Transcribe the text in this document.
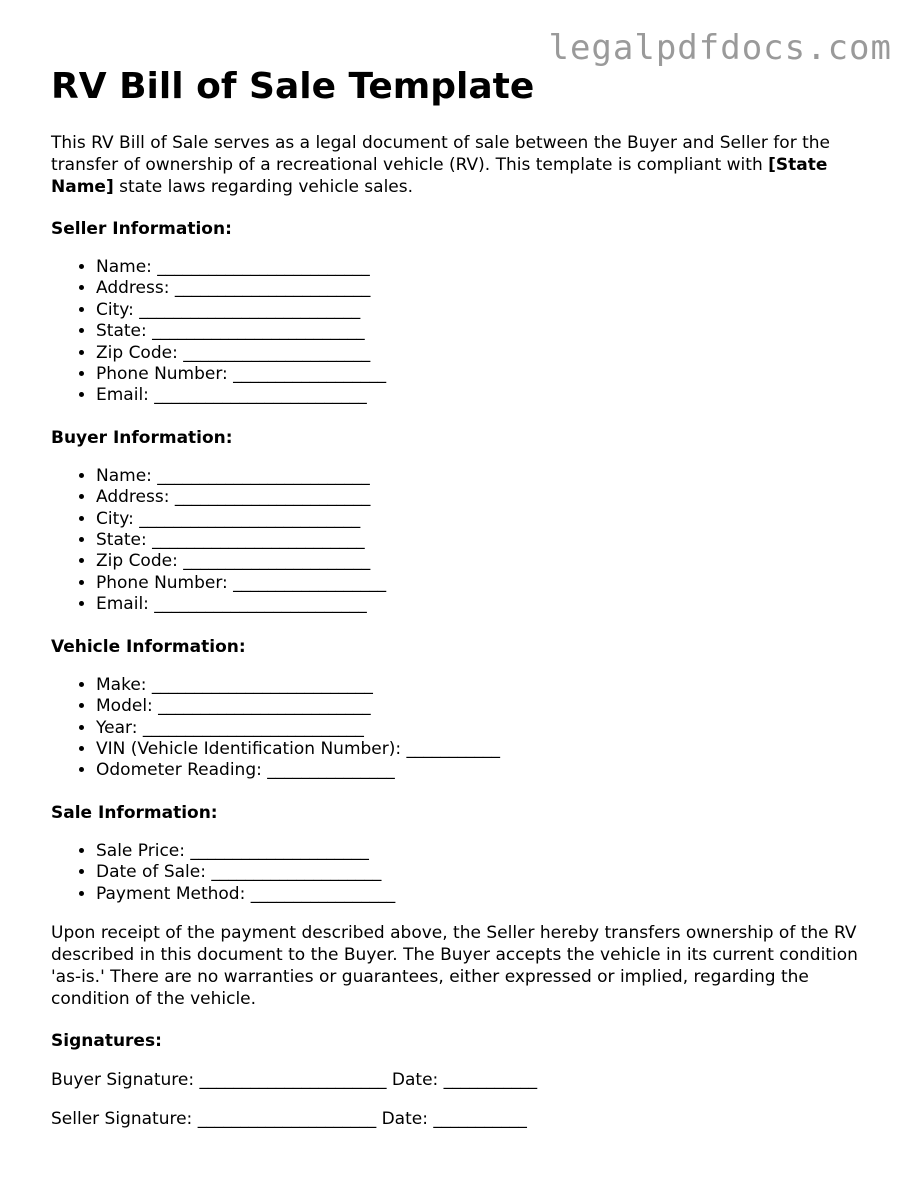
legalpdfdocs.com
RV Bill of Sale Template

This RV Bill of Sale serves as a legal document of sale between the Buyer and Seller for the transfer of ownership of a recreational vehicle (RV). This template is compliant with [State Name] state laws regarding vehicle sales.

Seller Information:
• Name: _________________________
• Address: _______________________
• City: __________________________
• State: _________________________
• Zip Code: ______________________
• Phone Number: __________________
• Email: _________________________
Buyer Information:
• Name: _________________________
• Address: _______________________
• City: __________________________
• State: _________________________
• Zip Code: ______________________
• Phone Number: __________________
• Email: _________________________
Vehicle Information:
• Make: __________________________
• Model: _________________________
• Year: __________________________
• VIN (Vehicle Identification Number): ___________
• Odometer Reading: _______________
Sale Information:
• Sale Price: _____________________
• Date of Sale: ____________________
• Payment Method: _________________

Upon receipt of the payment described above, the Seller hereby transfers ownership of the RV described in this document to the Buyer. The Buyer accepts the vehicle in its current condition 'as-is.' There are no warranties or guarantees, either expressed or implied, regarding the condition of the vehicle.

Signatures:

Buyer Signature: ______________________ Date: ___________

Seller Signature: _____________________ Date: ___________
